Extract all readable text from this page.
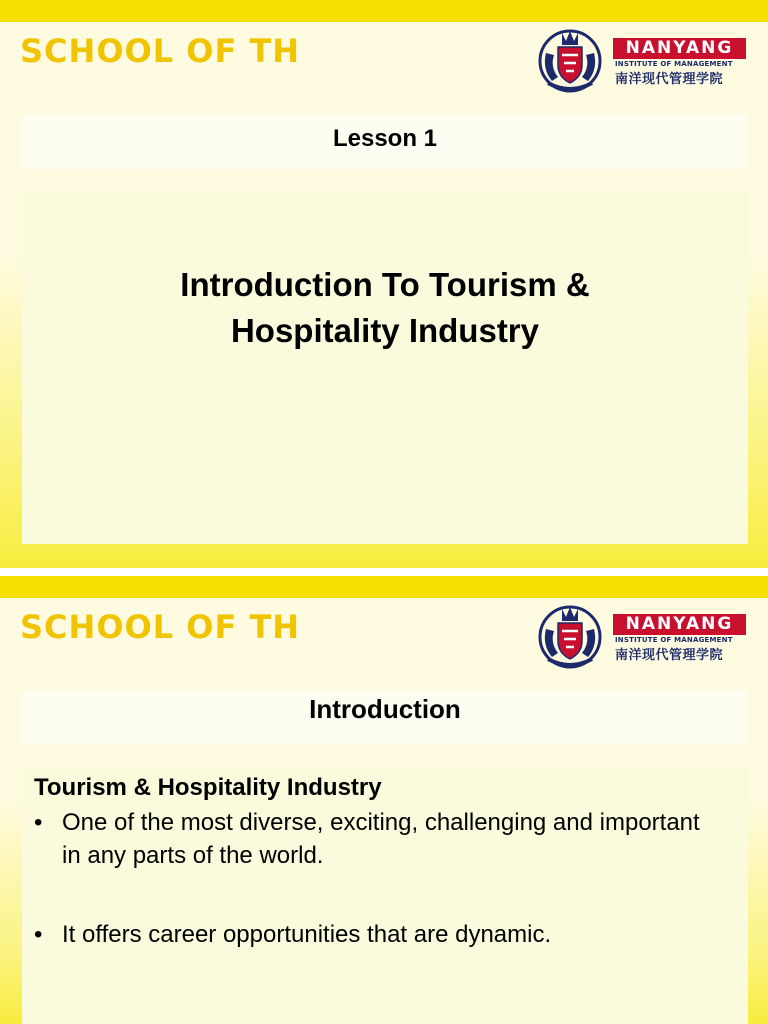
SCHOOL OF TH	NANYANG
INSTITUTE OF MANAGEMENT
南洋现代管理学院
Lesson 1
Introduction To Tourism &
Hospitality Industry
SCHOOL OF TH	NANYANG
INSTITUTE OF MANAGEMENT
南洋现代管理学院
Introduction
Tourism & Hospitality Industry
• One of the most diverse, exciting, challenging and important in any parts of the world.
• It offers career opportunities that are dynamic.
